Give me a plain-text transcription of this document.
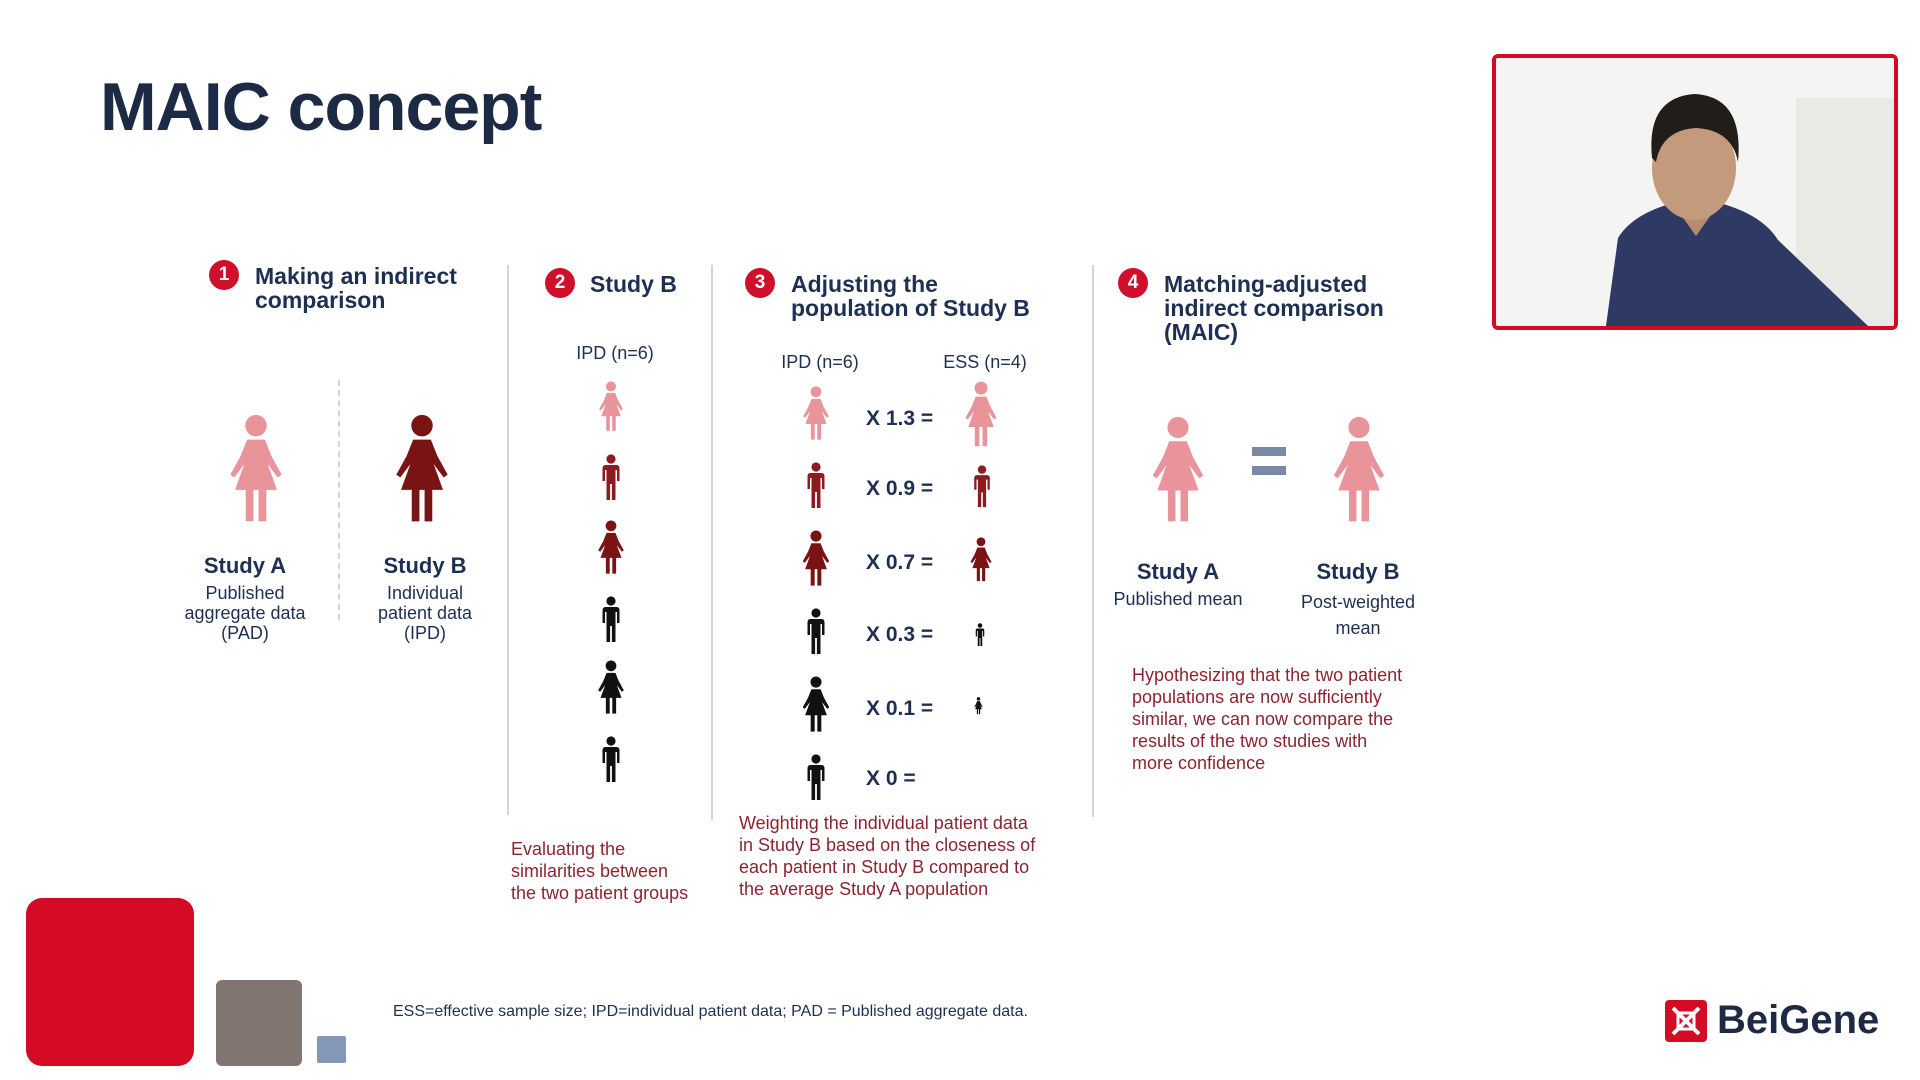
MAIC concept
1	Making an indirect
comparison
Study A
Published
aggregate data
(PAD)
Study B
Individual
patient data
(IPD)
2	Study B
IPD (n=6)
Evaluating the
similarities between
the two patient groups
3	Adjusting the
population of Study B
IPD (n=6)	ESS (n=4)
X 1.3 =
X 0.9 =
X 0.7 =
X 0.3 =
X 0.1 =
X 0 =
Weighting the individual patient data
in Study B based on the closeness of
each patient in Study B compared to
the average Study A population
4	Matching-adjusted
indirect comparison
(MAIC)
Study A
Published mean
Study B
Post-weighted
mean
Hypothesizing that the two patient
populations are now sufficiently
similar, we can now compare the
results of the two studies with
more confidence
ESS=effective sample size; IPD=individual patient data; PAD = Published aggregate data.	BeiGene
